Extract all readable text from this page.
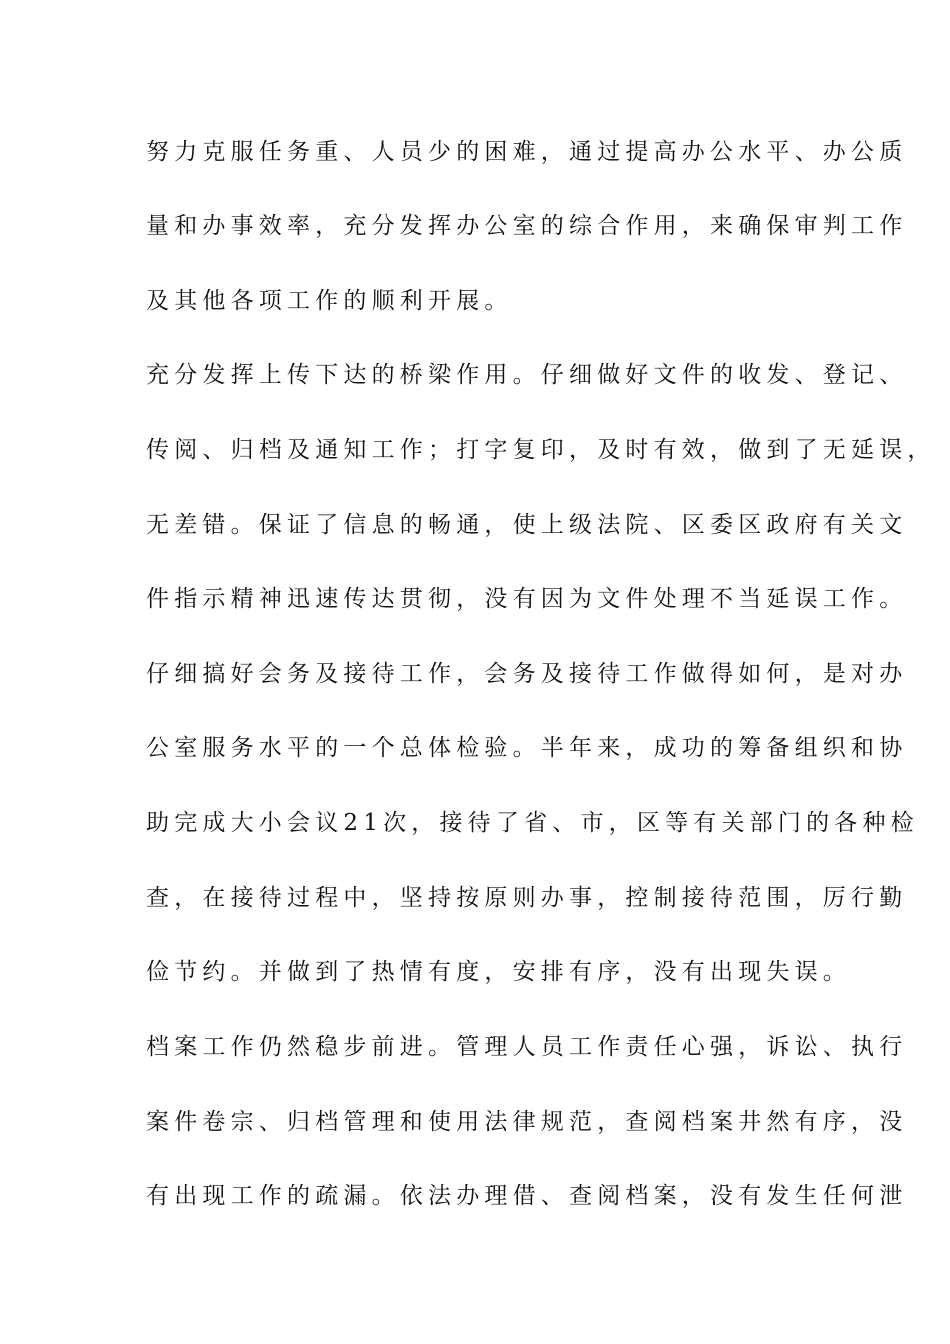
努力克服任务重、人员少的困难，通过提高办公水平、办公质
量和办事效率，充分发挥办公室的综合作用，来确保审判工作
及其他各项工作的顺利开展。
充分发挥上传下达的桥梁作用。仔细做好文件的收发、登记、
传阅、归档及通知工作；打字复印，及时有效，做到了无延误，
无差错。保证了信息的畅通，使上级法院、区委区政府有关文
件指示精神迅速传达贯彻，没有因为文件处理不当延误工作。
仔细搞好会务及接待工作，会务及接待工作做得如何，是对办
公室服务水平的一个总体检验。半年来，成功的筹备组织和协
助完成大小会议21次，接待了省、市，区等有关部门的各种检
查，在接待过程中，坚持按原则办事，控制接待范围，厉行勤
俭节约。并做到了热情有度，安排有序，没有出现失误。
档案工作仍然稳步前进。管理人员工作责任心强，诉讼、执行
案件卷宗、归档管理和使用法律规范，查阅档案井然有序，没
有出现工作的疏漏。依法办理借、查阅档案，没有发生任何泄
